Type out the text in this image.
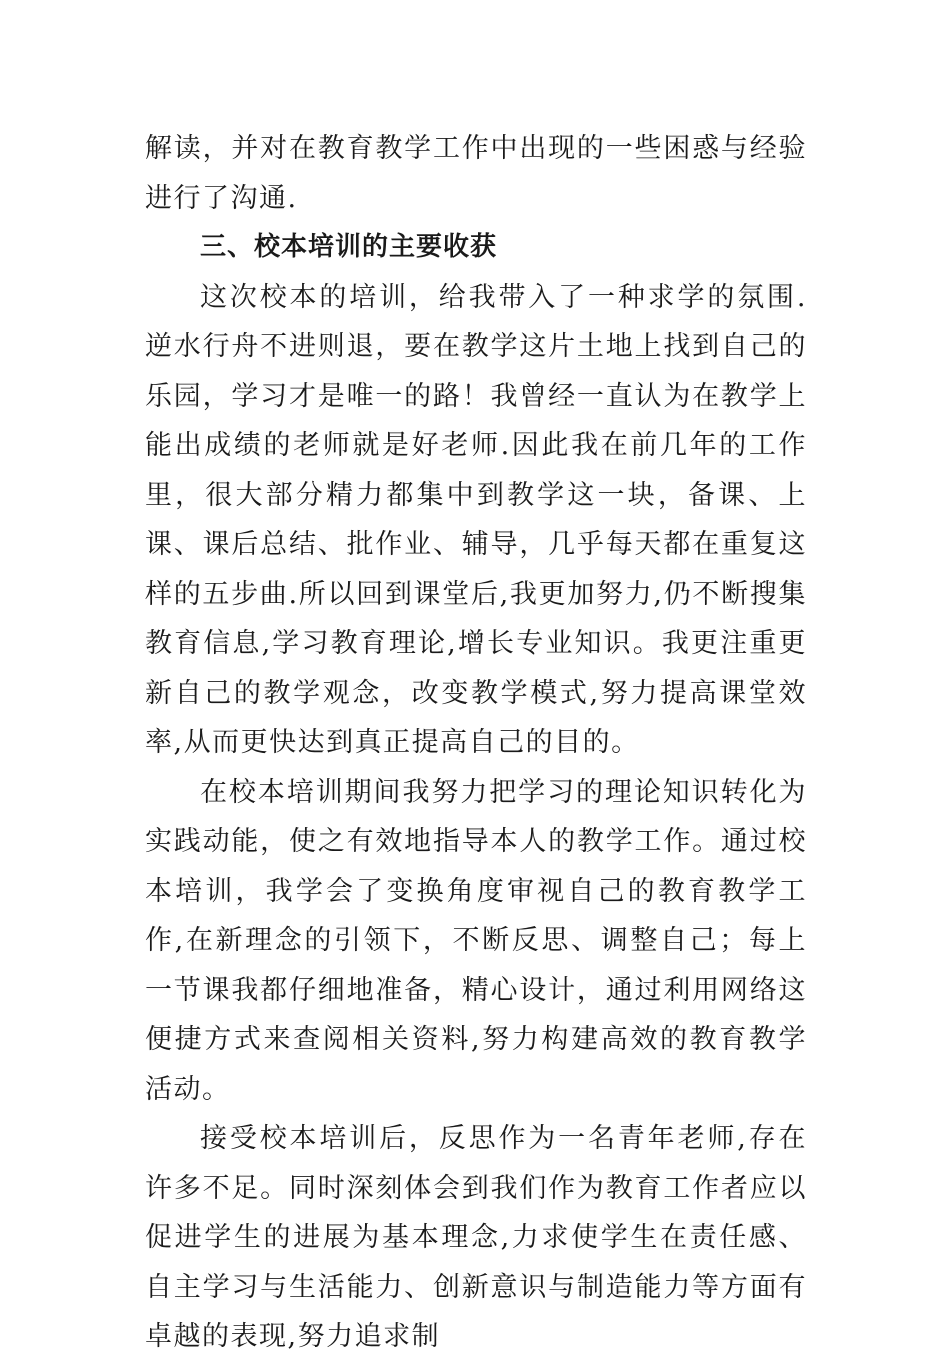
解读，并对在教育教学工作中出现的一些困惑与经验进行了沟通.

三、校本培训的主要收获

这次校本的培训，给我带入了一种求学的氛围.逆水行舟不进则退，要在教学这片土地上找到自己的乐园，学习才是唯一的路！我曾经一直认为在教学上能出成绩的老师就是好老师.因此我在前几年的工作里，很大部分精力都集中到教学这一块，备课、上课、课后总结、批作业、辅导，几乎每天都在重复这样的五步曲.所以回到课堂后,我更加努力,仍不断搜集教育信息,学习教育理论,增长专业知识。我更注重更新自己的教学观念，改变教学模式,努力提高课堂效率,从而更快达到真正提高自己的目的。

在校本培训期间我努力把学习的理论知识转化为实践动能，使之有效地指导本人的教学工作。通过校本培训，我学会了变换角度审视自己的教育教学工作,在新理念的引领下，不断反思、调整自己；每上一节课我都仔细地准备，精心设计，通过利用网络这便捷方式来查阅相关资料,努力构建高效的教育教学活动。

接受校本培训后，反思作为一名青年老师,存在许多不足。同时深刻体会到我们作为教育工作者应以促进学生的进展为基本理念,力求使学生在责任感、自主学习与生活能力、创新意识与制造能力等方面有卓越的表现,努力追求制
